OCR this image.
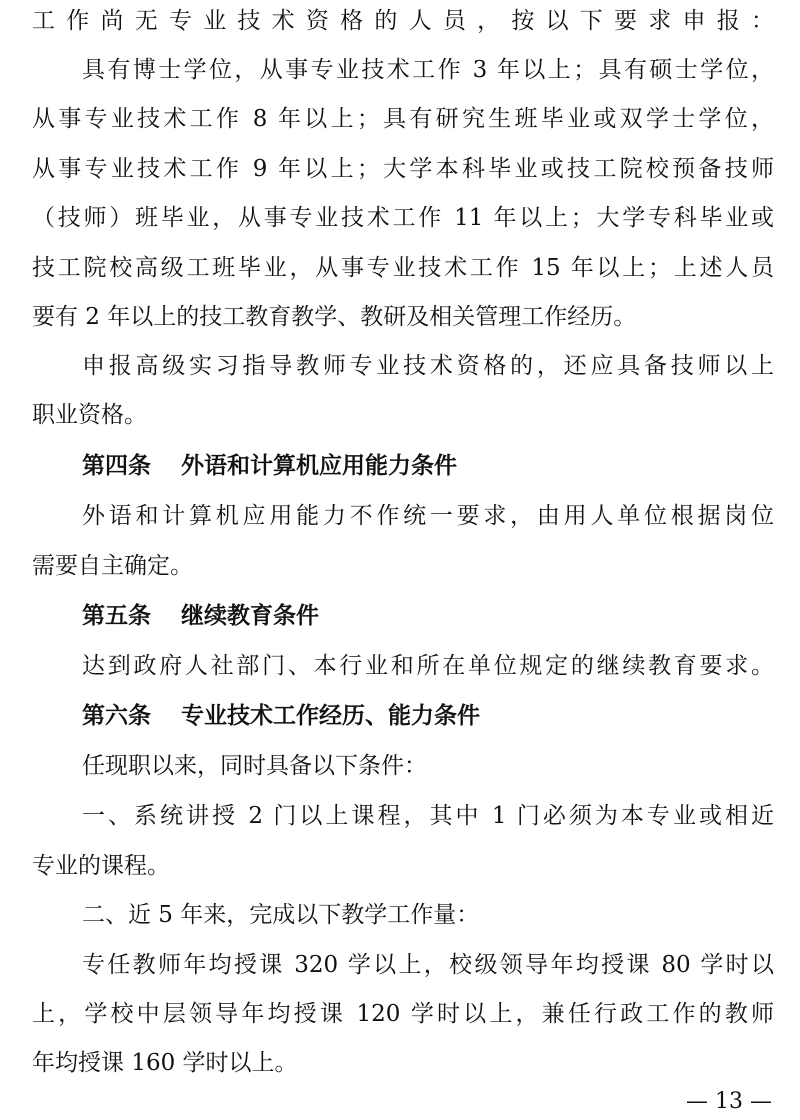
工作尚无专业技术资格的人员，按以下要求申报：
具有博士学位，从事专业技术工作 3 年以上；具有硕士学位，
从事专业技术工作 8 年以上；具有研究生班毕业或双学士学位，
从事专业技术工作 9 年以上；大学本科毕业或技工院校预备技师
（技师）班毕业，从事专业技术工作 11 年以上；大学专科毕业或
技工院校高级工班毕业，从事专业技术工作 15 年以上；上述人员
要有 2 年以上的技工教育教学、教研及相关管理工作经历。
申报高级实习指导教师专业技术资格的，还应具备技师以上
职业资格。
第四条 外语和计算机应用能力条件
外语和计算机应用能力不作统一要求，由用人单位根据岗位
需要自主确定。
第五条 继续教育条件
达到政府人社部门、本行业和所在单位规定的继续教育要求。
第六条 专业技术工作经历、能力条件
任现职以来，同时具备以下条件：
一、系统讲授 2 门以上课程，其中 1 门必须为本专业或相近
专业的课程。
二、近 5 年来，完成以下教学工作量：
专任教师年均授课 320 学以上，校级领导年均授课 80 学时以
上，学校中层领导年均授课 120 学时以上，兼任行政工作的教师
年均授课 160 学时以上。
— 13 —
